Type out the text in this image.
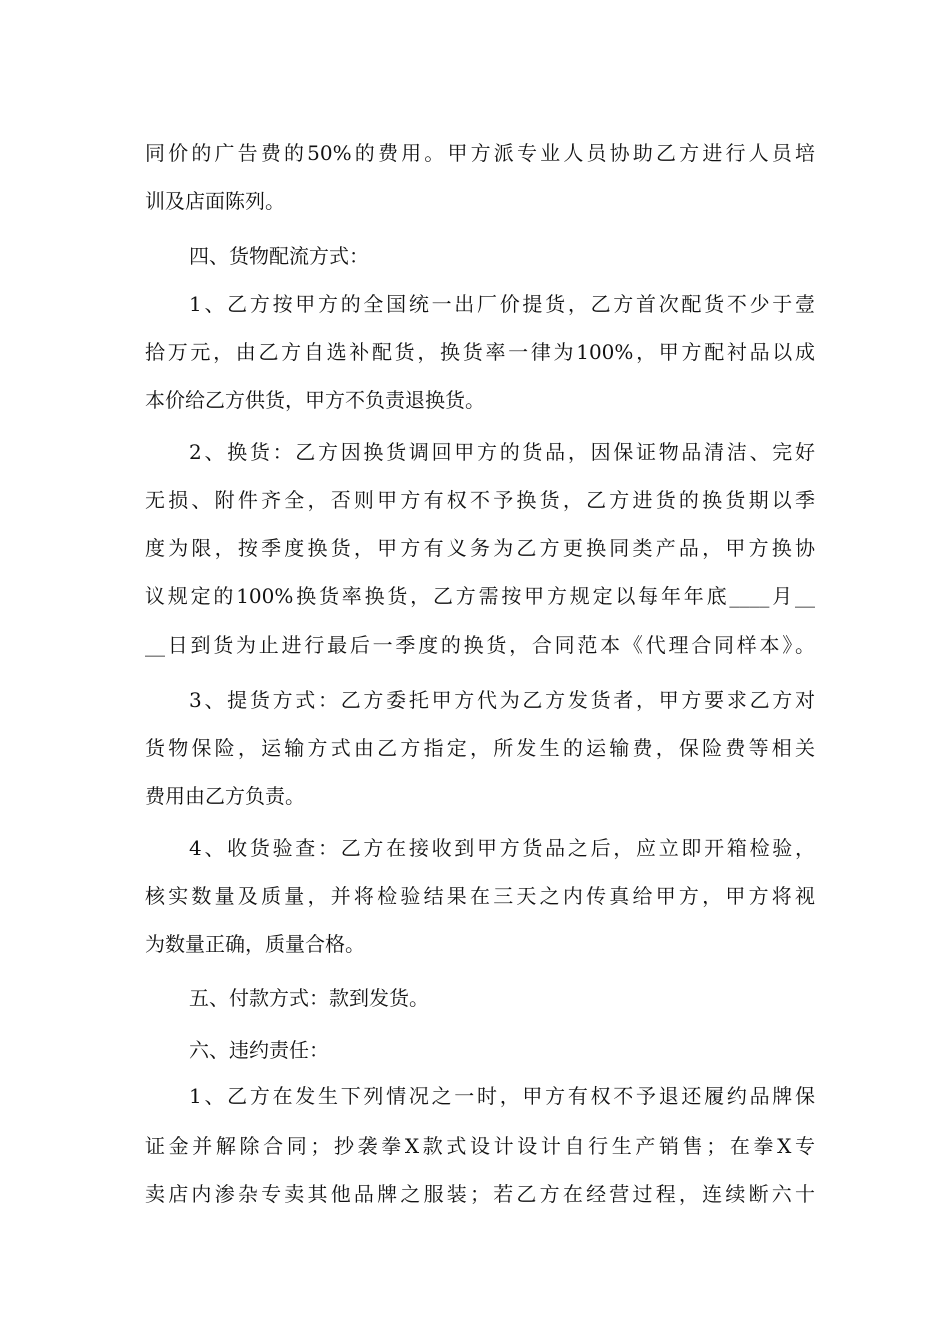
同价的广告费的50%的费用。甲方派专业人员协助乙方进行人员培
训及店面陈列。
四、货物配流方式：
1、乙方按甲方的全国统一出厂价提货，乙方首次配货不少于壹
拾万元，由乙方自选补配货，换货率一律为100%，甲方配衬品以成
本价给乙方供货，甲方不负责退换货。
2、换货：乙方因换货调回甲方的货品，因保证物品清洁、完好
无损、附件齐全，否则甲方有权不予换货，乙方进货的换货期以季
度为限，按季度换货，甲方有义务为乙方更换同类产品，甲方换协
议规定的100%换货率换货，乙方需按甲方规定以每年年底____月__
__日到货为止进行最后一季度的换货，合同范本《代理合同样本》。
3、提货方式：乙方委托甲方代为乙方发货者，甲方要求乙方对
货物保险，运输方式由乙方指定，所发生的运输费，保险费等相关
费用由乙方负责。
4、收货验查：乙方在接收到甲方货品之后，应立即开箱检验，
核实数量及质量，并将检验结果在三天之内传真给甲方，甲方将视
为数量正确，质量合格。
五、付款方式：款到发货。
六、违约责任：
1、乙方在发生下列情况之一时，甲方有权不予退还履约品牌保
证金并解除合同；抄袭拳X款式设计设计自行生产销售；在拳X专
卖店内渗杂专卖其他品牌之服装；若乙方在经营过程，连续断六十
